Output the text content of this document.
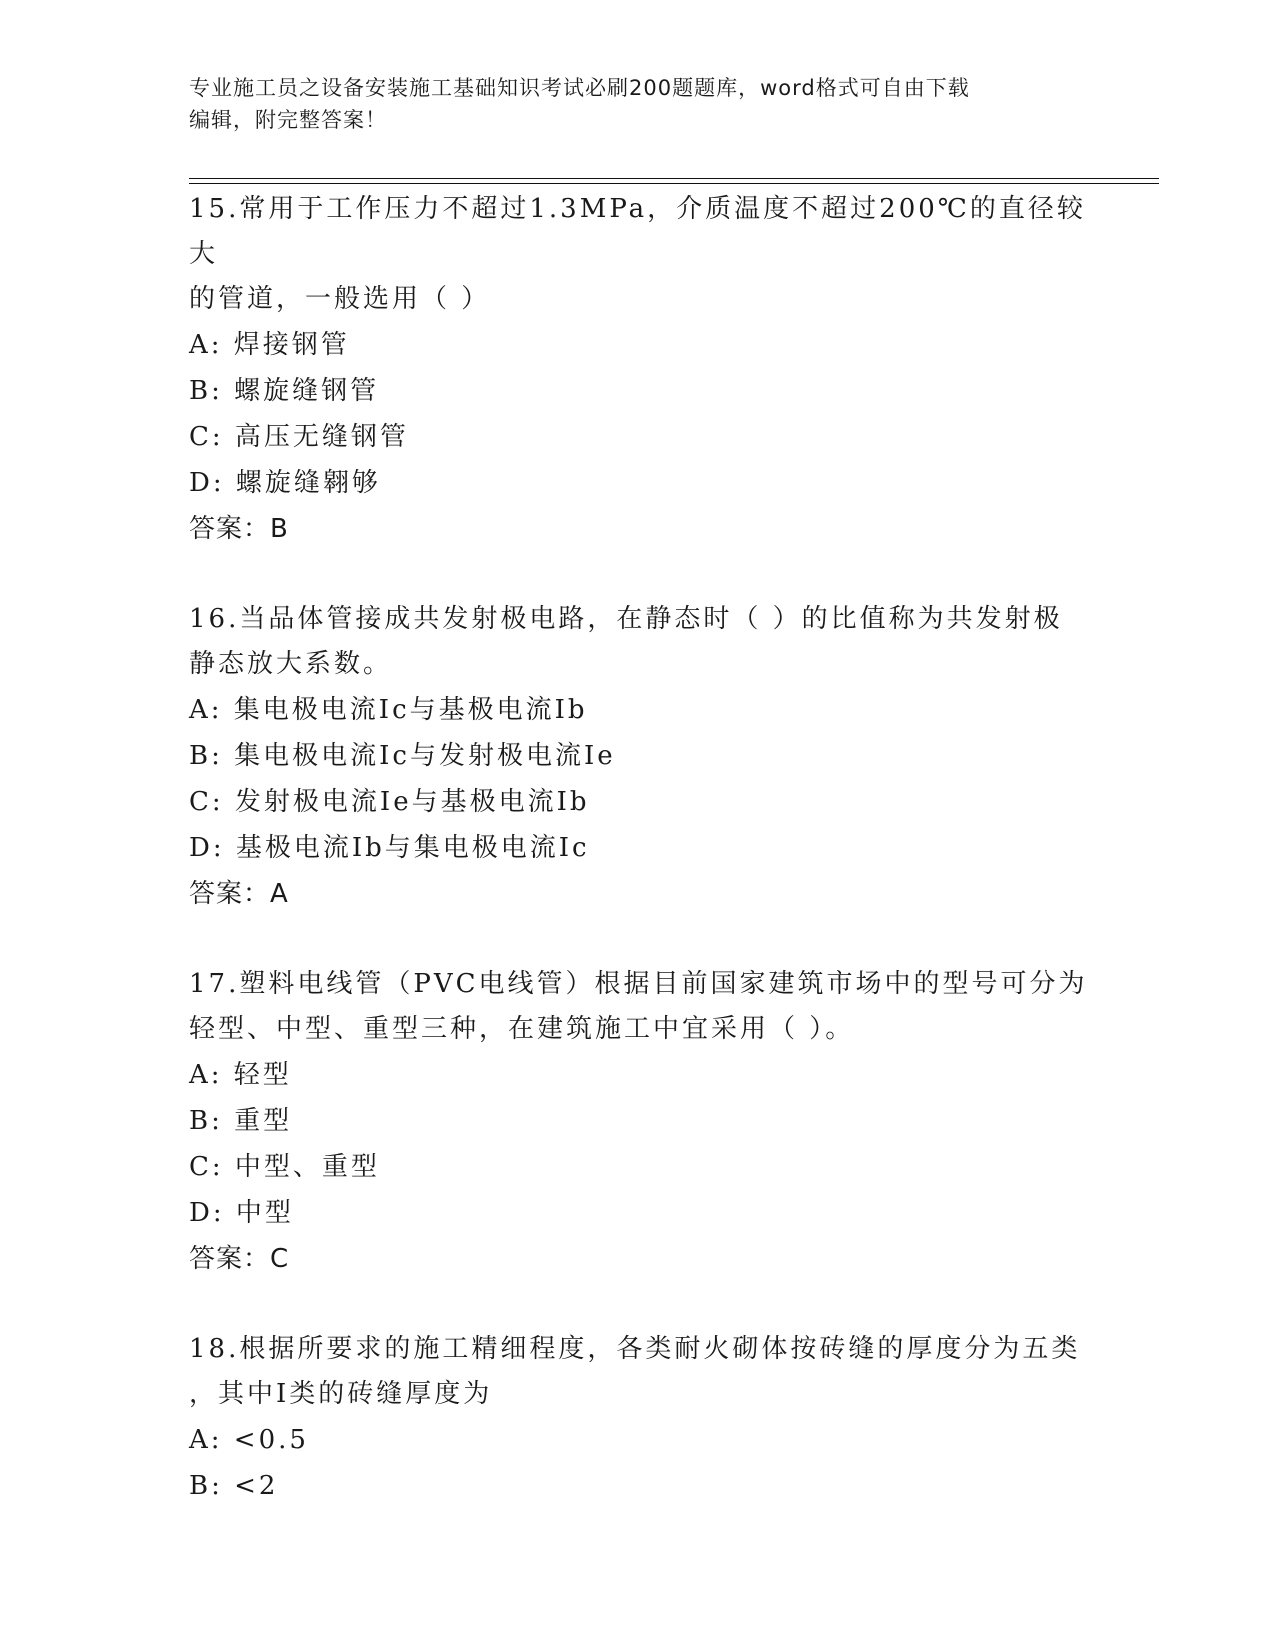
专业施工员之设备安装施工基础知识考试必刷200题题库，word格式可自由下载
编辑，附完整答案！

15.常用于工作压力不超过1.3MPa，介质温度不超过200℃的直径较大
的管道，一般选用（ ）

A: 焊接钢管

B: 螺旋缝钢管

C: 高压无缝钢管

D: 螺旋缝翱够

答案：B

16.当品体管接成共发射极电路，在静态时（ ）的比值称为共发射极
静态放大系数。

A: 集电极电流Ic与基极电流Ib

B: 集电极电流Ic与发射极电流Ie

C: 发射极电流Ie与基极电流Ib

D: 基极电流Ib与集电极电流Ic

答案：A

17.塑料电线管（PVC电线管）根据目前国家建筑市场中的型号可分为
轻型、中型、重型三种，在建筑施工中宜采用（ ）。

A: 轻型

B: 重型

C: 中型、重型

D: 中型

答案：C

18.根据所要求的施工精细程度，各类耐火砌体按砖缝的厚度分为五类
，其中Ⅰ类的砖缝厚度为

A: <0.5

B: <2
